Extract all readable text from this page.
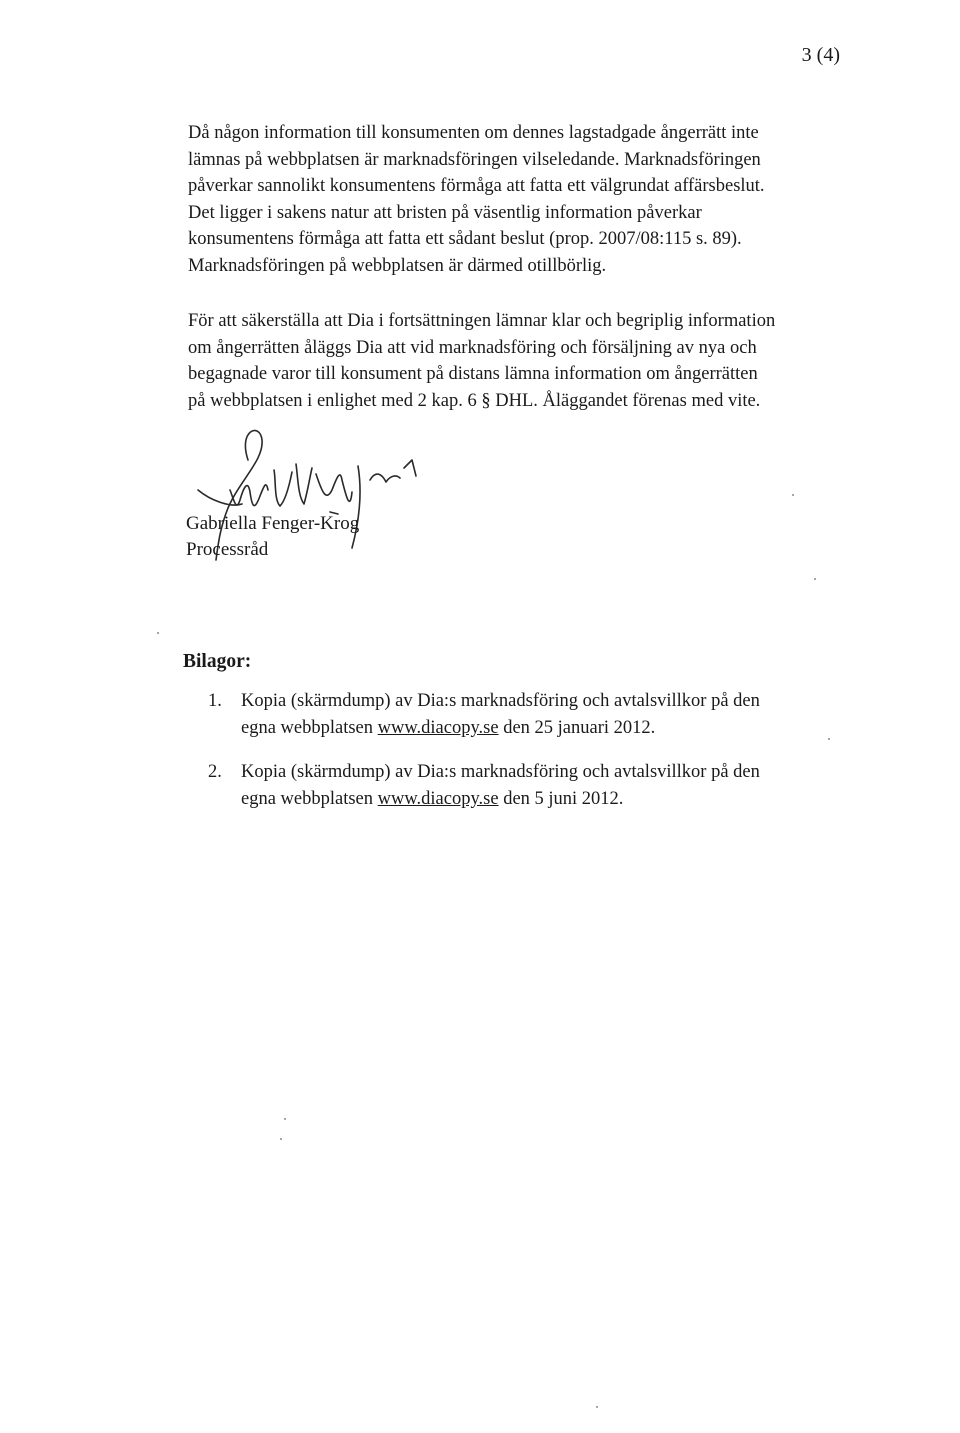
3 (4)

Då någon information till konsumenten om dennes lagstadgade ångerrätt inte
lämnas på webbplatsen är marknadsföringen vilseledande. Marknadsföringen
påverkar sannolikt konsumentens förmåga att fatta ett välgrundat affärsbeslut.
Det ligger i sakens natur att bristen på väsentlig information påverkar
konsumentens förmåga att fatta ett sådant beslut (prop. 2007/08:115 s. 89).
Marknadsföringen på webbplatsen är därmed otillbörlig.

För att säkerställa att Dia i fortsättningen lämnar klar och begriplig information
om ångerrätten åläggs Dia att vid marknadsföring och försäljning av nya och
begagnade varor till konsument på distans lämna information om ångerrätten
på webbplatsen i enlighet med 2 kap. 6 § DHL. Åläggandet förenas med vite.

Gabriella Fenger-Krog
Processråd
Bilagor:
1.	Kopia (skärmdump) av Dia:s marknadsföring och avtalsvillkor på den
egna webbplatsen www.diacopy.se den 25 januari 2012.
2.	Kopia (skärmdump) av Dia:s marknadsföring och avtalsvillkor på den
egna webbplatsen www.diacopy.se den 5 juni 2012.
